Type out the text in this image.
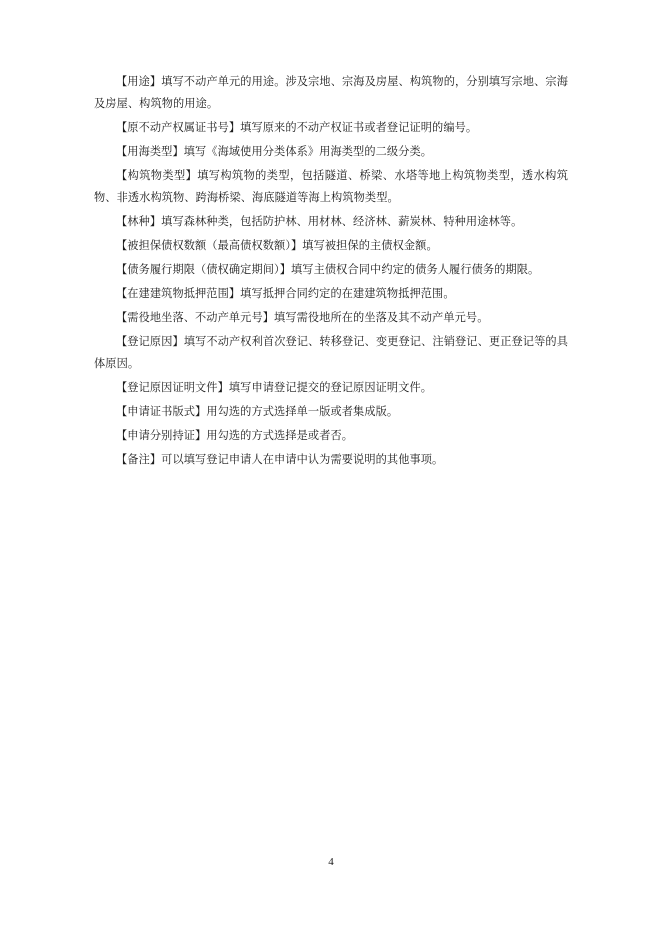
【用途】填写不动产单元的用途。涉及宗地、宗海及房屋、构筑物的，分别填写宗地、宗海及房屋、构筑物的用途。

【原不动产权属证书号】填写原来的不动产权证书或者登记证明的编号。

【用海类型】填写《海域使用分类体系》用海类型的二级分类。

【构筑物类型】填写构筑物的类型，包括隧道、桥梁、水塔等地上构筑物类型，透水构筑物、非透水构筑物、跨海桥梁、海底隧道等海上构筑物类型。

【林种】填写森林种类，包括防护林、用材林、经济林、薪炭林、特种用途林等。

【被担保债权数额（最高债权数额）】填写被担保的主债权金额。

【债务履行期限（债权确定期间）】填写主债权合同中约定的债务人履行债务的期限。

【在建建筑物抵押范围】填写抵押合同约定的在建建筑物抵押范围。

【需役地坐落、不动产单元号】填写需役地所在的坐落及其不动产单元号。

【登记原因】填写不动产权利首次登记、转移登记、变更登记、注销登记、更正登记等的具体原因。

【登记原因证明文件】填写申请登记提交的登记原因证明文件。

【申请证书版式】用勾选的方式选择单一版或者集成版。

【申请分别持证】用勾选的方式选择是或者否。

【备注】可以填写登记申请人在申请中认为需要说明的其他事项。

4
